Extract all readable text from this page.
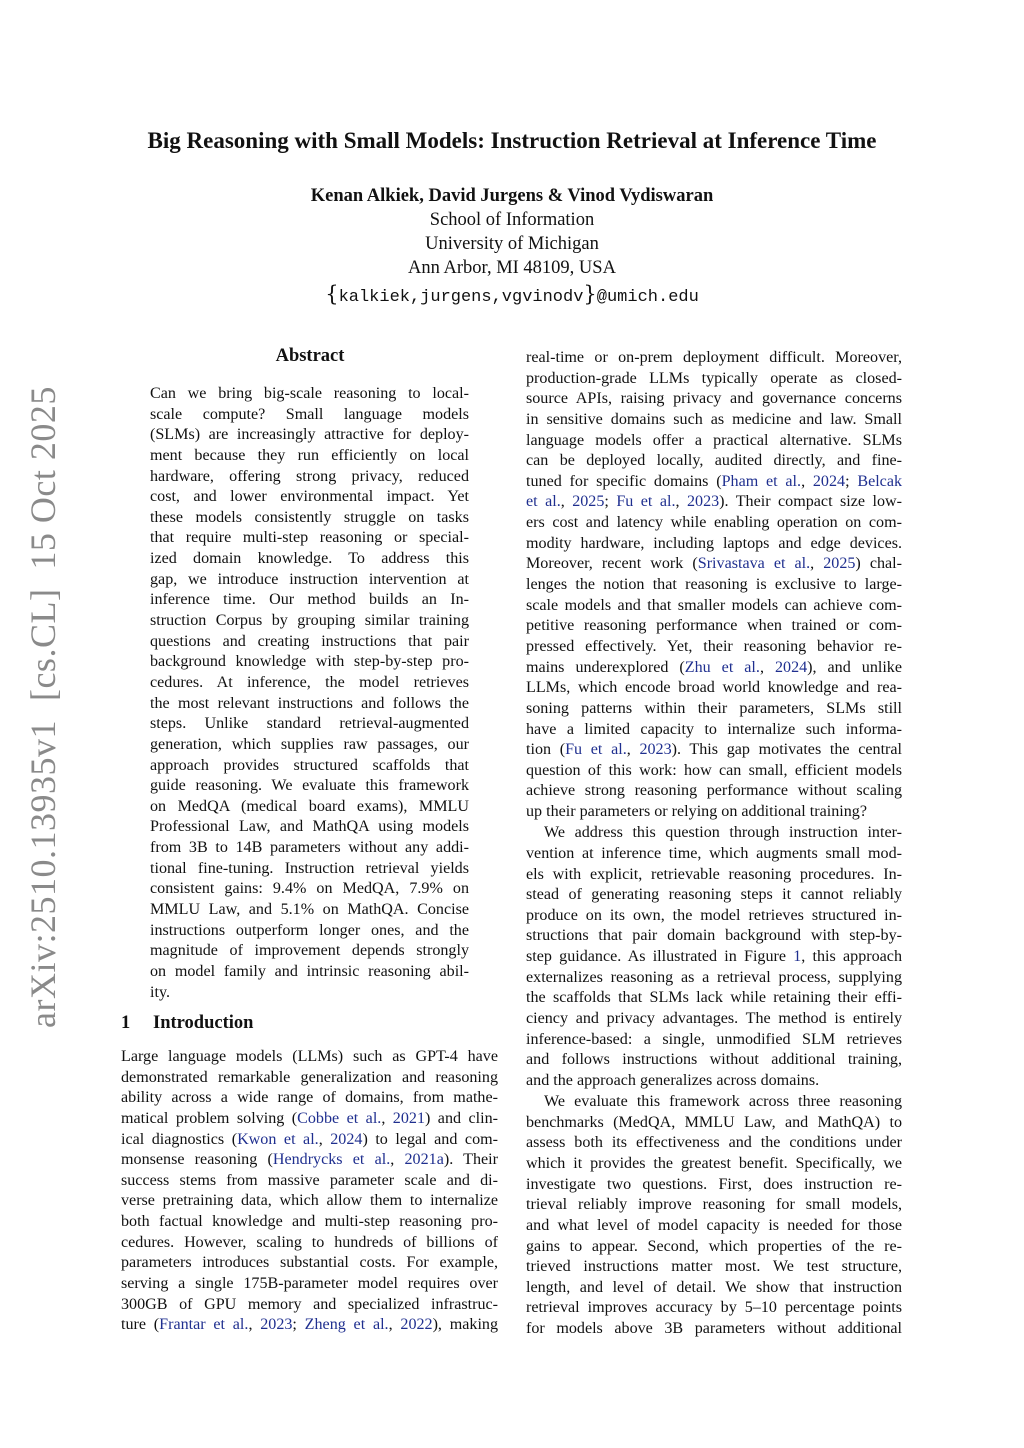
arXiv:2510.13935v1  [cs.CL]  15 Oct 2025
Big Reasoning with Small Models: Instruction Retrieval at Inference Time
Kenan Alkiek, David Jurgens & Vinod Vydiswaran
School of Information
University of Michigan
Ann Arbor, MI 48109, USA
{kalkiek,jurgens,vgvinodv}@umich.edu
Abstract
Can we bring big-scale reasoning to local-
scale compute? Small language models
(SLMs) are increasingly attractive for deploy-
ment because they run efficiently on local
hardware, offering strong privacy, reduced
cost, and lower environmental impact. Yet
these models consistently struggle on tasks
that require multi-step reasoning or special-
ized domain knowledge. To address this
gap, we introduce instruction intervention at
inference time. Our method builds an In-
struction Corpus by grouping similar training
questions and creating instructions that pair
background knowledge with step-by-step pro-
cedures. At inference, the model retrieves
the most relevant instructions and follows the
steps. Unlike standard retrieval-augmented
generation, which supplies raw passages, our
approach provides structured scaffolds that
guide reasoning. We evaluate this framework
on MedQA (medical board exams), MMLU
Professional Law, and MathQA using models
from 3B to 14B parameters without any addi-
tional fine-tuning. Instruction retrieval yields
consistent gains: 9.4% on MedQA, 7.9% on
MMLU Law, and 5.1% on MathQA. Concise
instructions outperform longer ones, and the
magnitude of improvement depends strongly
on model family and intrinsic reasoning abil-
ity.
1 Introduction
Large language models (LLMs) such as GPT-4 have
demonstrated remarkable generalization and reasoning
ability across a wide range of domains, from mathe-
matical problem solving (Cobbe et al., 2021) and clin-
ical diagnostics (Kwon et al., 2024) to legal and com-
monsense reasoning (Hendrycks et al., 2021a). Their
success stems from massive parameter scale and di-
verse pretraining data, which allow them to internalize
both factual knowledge and multi-step reasoning pro-
cedures. However, scaling to hundreds of billions of
parameters introduces substantial costs. For example,
serving a single 175B-parameter model requires over
300GB of GPU memory and specialized infrastruc-
ture (Frantar et al., 2023; Zheng et al., 2022), making

real-time or on-prem deployment difficult. Moreover,
production-grade LLMs typically operate as closed-
source APIs, raising privacy and governance concerns
in sensitive domains such as medicine and law. Small
language models offer a practical alternative. SLMs
can be deployed locally, audited directly, and fine-
tuned for specific domains (Pham et al., 2024; Belcak
et al., 2025; Fu et al., 2023). Their compact size low-
ers cost and latency while enabling operation on com-
modity hardware, including laptops and edge devices.
Moreover, recent work (Srivastava et al., 2025) chal-
lenges the notion that reasoning is exclusive to large-
scale models and that smaller models can achieve com-
petitive reasoning performance when trained or com-
pressed effectively. Yet, their reasoning behavior re-
mains underexplored (Zhu et al., 2024), and unlike
LLMs, which encode broad world knowledge and rea-
soning patterns within their parameters, SLMs still
have a limited capacity to internalize such informa-
tion (Fu et al., 2023). This gap motivates the central
question of this work: how can small, efficient models
achieve strong reasoning performance without scaling
up their parameters or relying on additional training?

We address this question through instruction inter-
vention at inference time, which augments small mod-
els with explicit, retrievable reasoning procedures. In-
stead of generating reasoning steps it cannot reliably
produce on its own, the model retrieves structured in-
structions that pair domain background with step-by-
step guidance. As illustrated in Figure 1, this approach
externalizes reasoning as a retrieval process, supplying
the scaffolds that SLMs lack while retaining their effi-
ciency and privacy advantages. The method is entirely
inference-based: a single, unmodified SLM retrieves
and follows instructions without additional training,
and the approach generalizes across domains.

We evaluate this framework across three reasoning
benchmarks (MedQA, MMLU Law, and MathQA) to
assess both its effectiveness and the conditions under
which it provides the greatest benefit. Specifically, we
investigate two questions. First, does instruction re-
trieval reliably improve reasoning for small models,
and what level of model capacity is needed for those
gains to appear. Second, which properties of the re-
trieved instructions matter most. We test structure,
length, and level of detail. We show that instruction
retrieval improves accuracy by 5–10 percentage points
for models above 3B parameters without additional
